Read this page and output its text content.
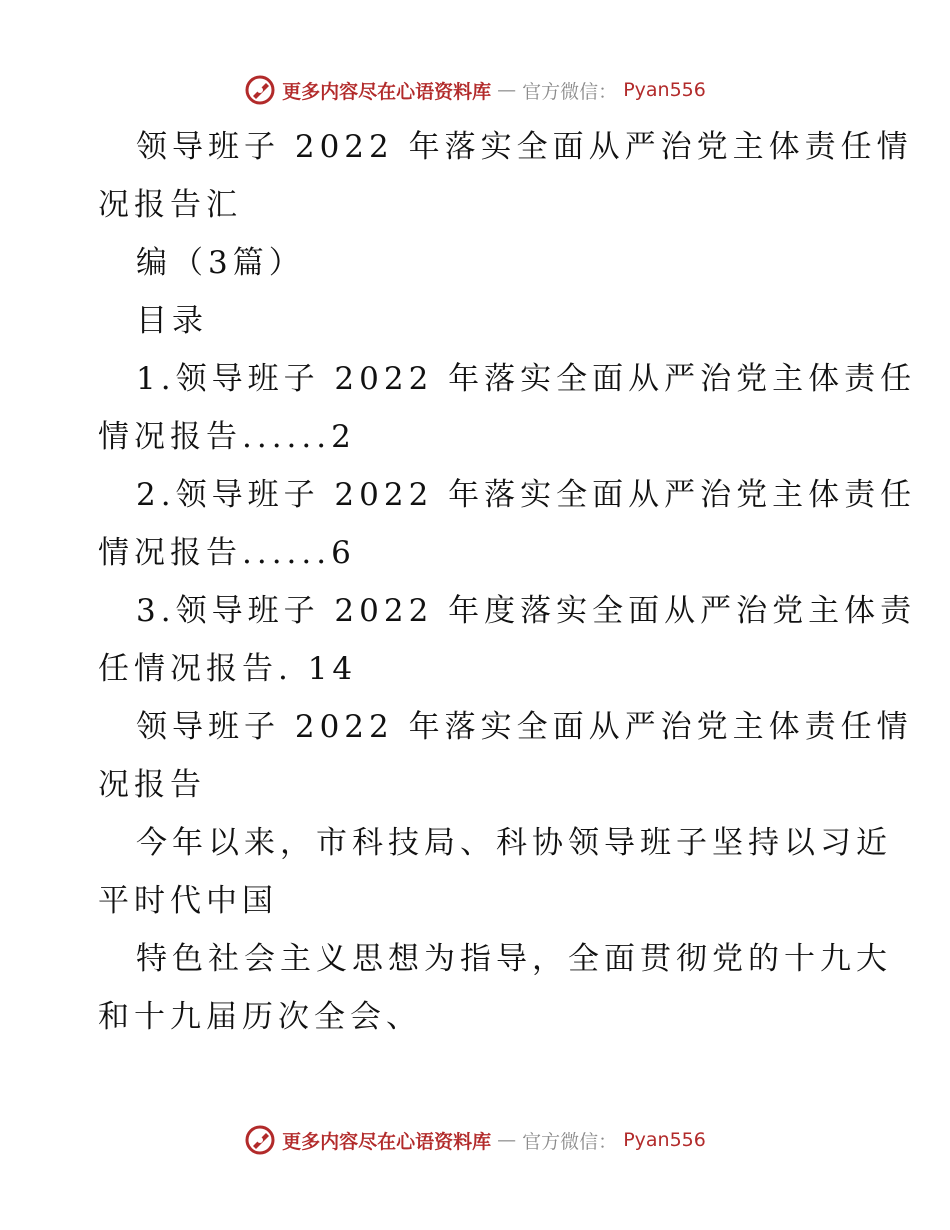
更多内容尽在心语资料库 — 官方微信： Pyan556
领导班子 2022 年落实全面从严治党主体责任情
况报告汇
编（3篇）
目录
1.领导班子 2022 年落实全面从严治党主体责任
情况报告......2
2.领导班子 2022 年落实全面从严治党主体责任
情况报告......6
3.领导班子 2022 年度落实全面从严治党主体责
任情况报告. 14
领导班子 2022 年落实全面从严治党主体责任情
况报告
今年以来，市科技局、科协领导班子坚持以习近
平时代中国
特色社会主义思想为指导，全面贯彻党的十九大
和十九届历次全会、
更多内容尽在心语资料库 — 官方微信： Pyan556
